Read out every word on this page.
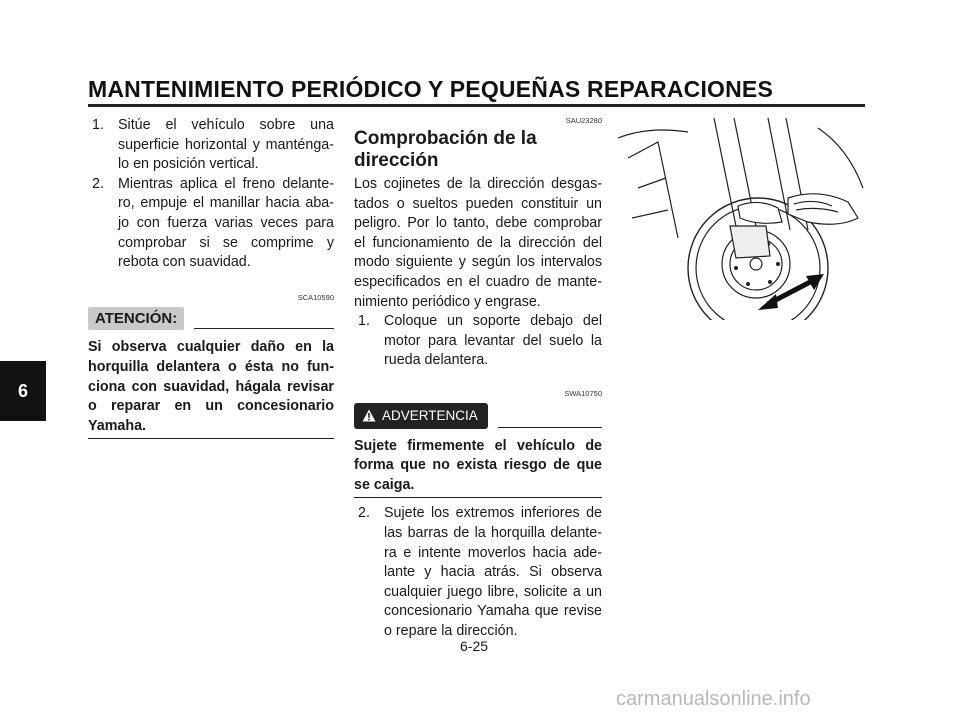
MANTENIMIENTO PERIÓDICO Y PEQUEÑAS REPARACIONES
6
1. Sitúe el vehículo sobre una superficie horizontal y manténga-lo en posición vertical.
2. Mientras aplica el freno delante-ro, empuje el manillar hacia aba-jo con fuerza varias veces para comprobar si se comprime y rebota con suavidad.
SCA10590
ATENCIÓN:
Si observa cualquier daño en la horquilla delantera o ésta no fun-ciona con suavidad, hágala revisar o reparar en un concesionario Yamaha.
SAU23280
Comprobación de la dirección
Los cojinetes de la dirección desgas-tados o sueltos pueden constituir un peligro. Por lo tanto, debe comprobar el funcionamiento de la dirección del modo siguiente y según los intervalos especificados en el cuadro de mante-nimiento periódico y engrase.
1. Coloque un soporte debajo del motor para levantar del suelo la rueda delantera.
SWA10750
ADVERTENCIA
Sujete firmemente el vehículo de forma que no exista riesgo de que se caiga.
2. Sujete los extremos inferiores de las barras de la horquilla delante-ra e intente moverlos hacia ade-lante y hacia atrás. Si observa cualquier juego libre, solicite a un concesionario Yamaha que revise o repare la dirección.
6-25
carmanualsonline.info
